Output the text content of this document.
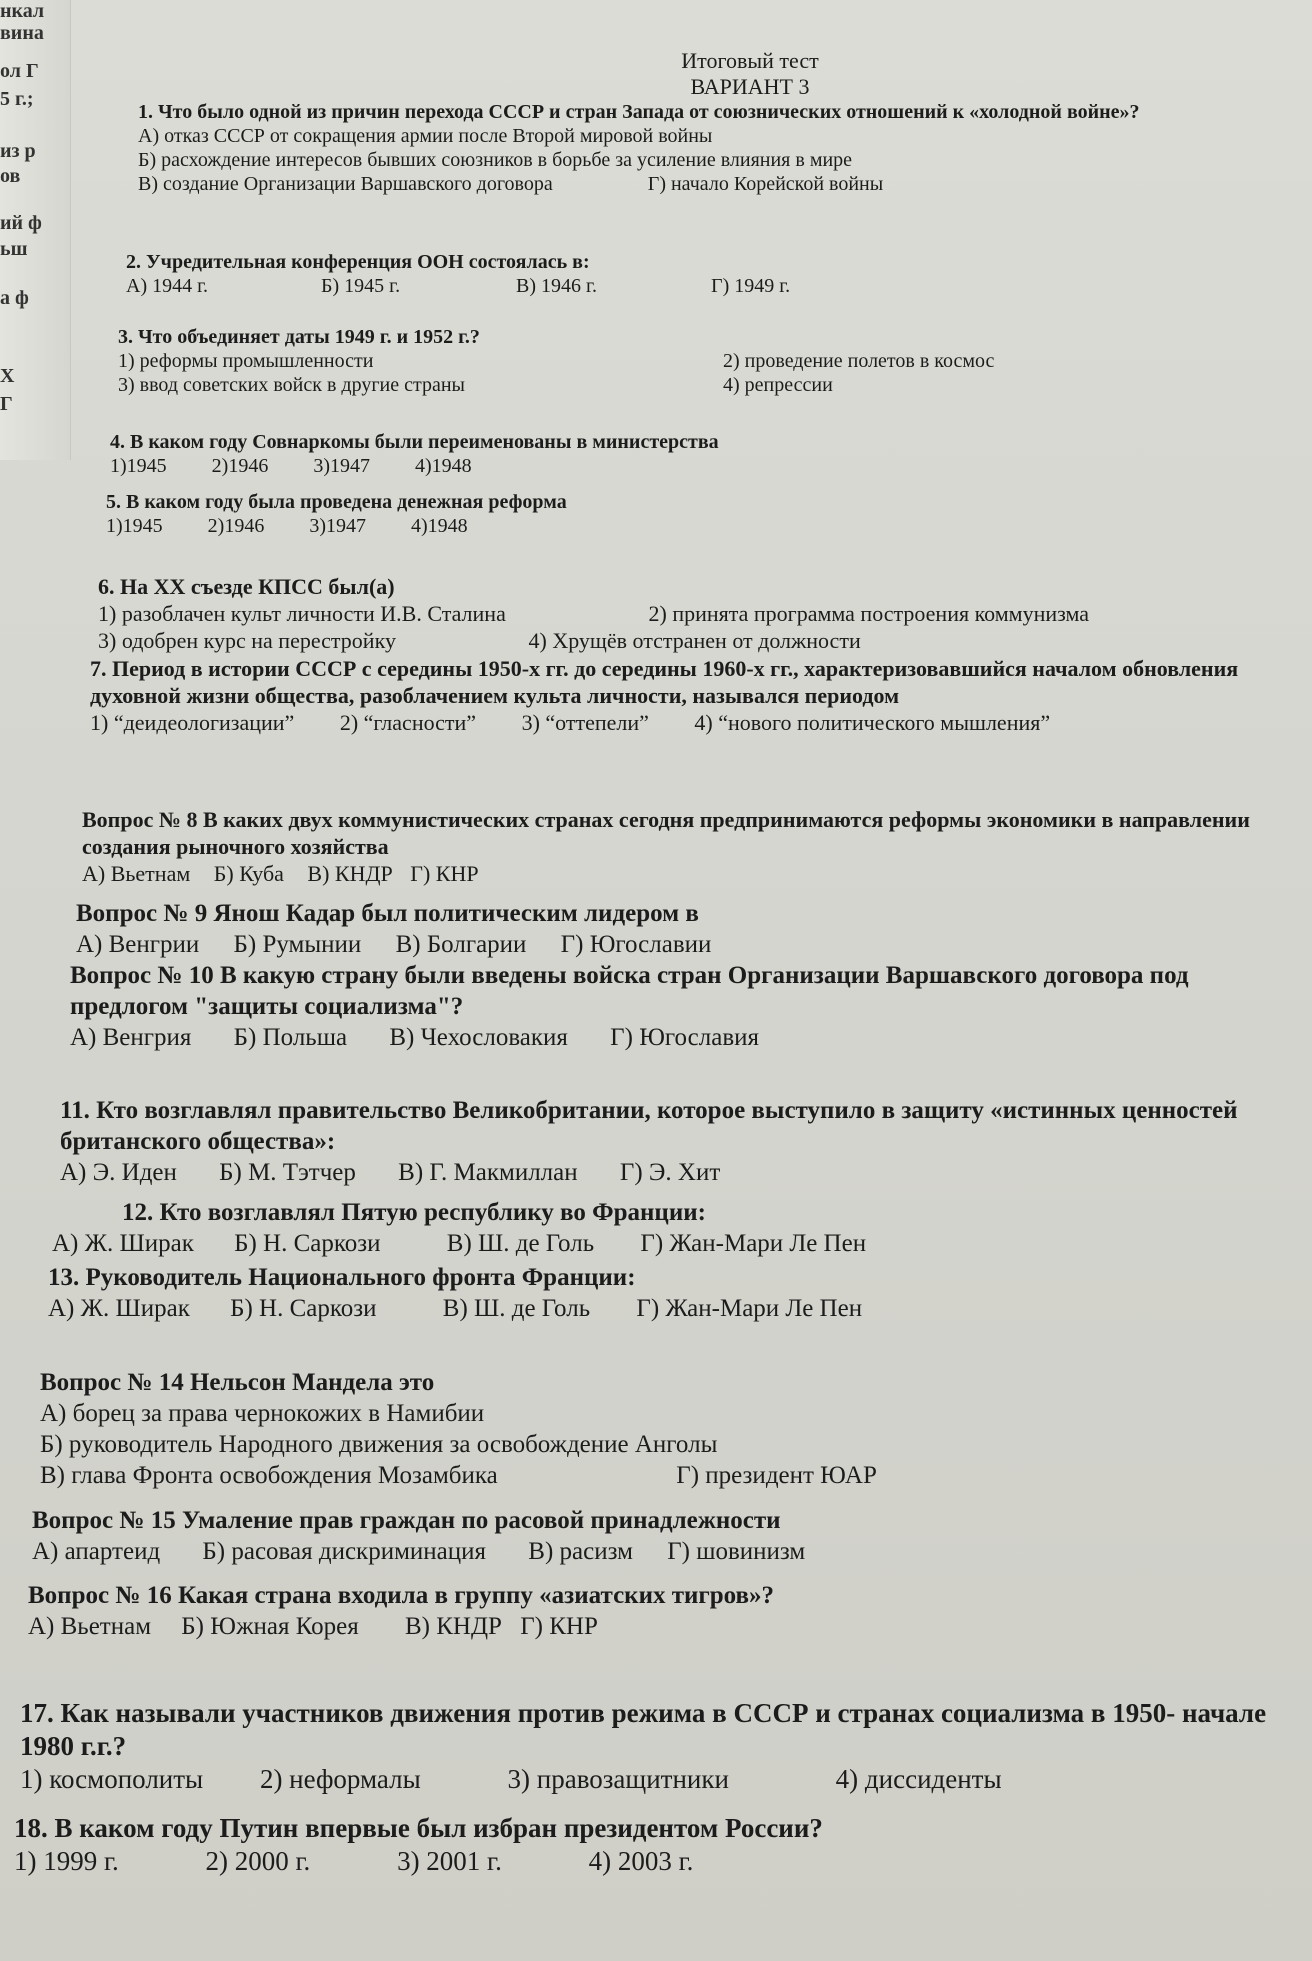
нкал
вина
ол Г
5 г.;
из р
ов
ий ф
ьш
а ф
X
Г
Итоговый тест
ВАРИАНТ 3
1. Что было одной из причин перехода СССР и стран Запада от союзнических отношений к «холодной войне»?
А) отказ СССР от сокращения армии после Второй мировой войны
Б) расхождение интересов бывших союзников в борьбе за усиление влияния в мире
В) создание Организации Варшавского договора	Г) начало Корейской войны
2. Учредительная конференция ООН состоялась в:
А) 1944 г.	Б) 1945 г.	В) 1946 г.	Г) 1949 г.
3. Что объединяет даты 1949 г. и 1952 г.?
1) реформы промышленности	2) проведение полетов в космос
3) ввод советских войск в другие страны	4) репрессии
4. В каком году Совнаркомы были переименованы в министерства
1)1945 2)1946 3)1947 4)1948
5. В каком году была проведена денежная реформа
1)1945 2)1946 3)1947 4)1948
6. На XX съезде КПСС был(а)
1) разоблачен культ личности И.В. Сталина	2) принята программа построения коммунизма
3) одобрен курс на перестройку	4) Хрущёв отстранен от должности
7. Период в истории СССР с середины 1950-х гг. до середины 1960-х гг., характеризовавшийся началом обновления духовной жизни общества, разоблачением культа личности, назывался периодом
1) “деидеологизации” 2) “гласности” 3) “оттепели” 4) “нового политического мышления”
Вопрос № 8 В каких двух коммунистических странах сегодня предпринимаются реформы экономики в направлении создания рыночного хозяйства
А) Вьетнам Б) Куба В) КНДР Г) КНР
Вопрос № 9 Янош Кадар был политическим лидером в
А) Венгрии Б) Румынии В) Болгарии Г) Югославии
Вопрос № 10 В какую страну были введены войска стран Организации Варшавского договора под предлогом "защиты социализма"?
А) Венгрия Б) Польша В) Чехословакия Г) Югославия
11. Кто возглавлял правительство Великобритании, которое выступило в защиту «истинных ценностей британского общества»:
А) Э. Иден Б) М. Тэтчер В) Г. Макмиллан Г) Э. Хит
12. Кто возглавлял Пятую республику во Франции:
А) Ж. Ширак Б) Н. Саркози	В) Ш. де Голь Г) Жан-Мари Ле Пен
13. Руководитель Национального фронта Франции:
А) Ж. Ширак Б) Н. Саркози	В) Ш. де Голь Г) Жан-Мари Ле Пен
Вопрос № 14 Нельсон Мандела это
А) борец за права чернокожих в Намибии
Б) руководитель Народного движения за освобождение Анголы
В) глава Фронта освобождения Мозамбика	Г) президент ЮАР
Вопрос № 15 Умаление прав граждан по расовой принадлежности
А) апартеид Б) расовая дискриминация В) расизм Г) шовинизм
Вопрос № 16 Какая страна входила в группу «азиатских тигров»?
А) Вьетнам Б) Южная Корея В) КНДР Г) КНР
17. Как называли участников движения против режима в СССР и странах социализма в 1950- начале 1980 г.г.?
1) космополиты 2) неформалы	3) правозащитники	4) диссиденты
18. В каком году Путин впервые был избран президентом России?
1) 1999 г.	2) 2000 г.	3) 2001 г.	4) 2003 г.
